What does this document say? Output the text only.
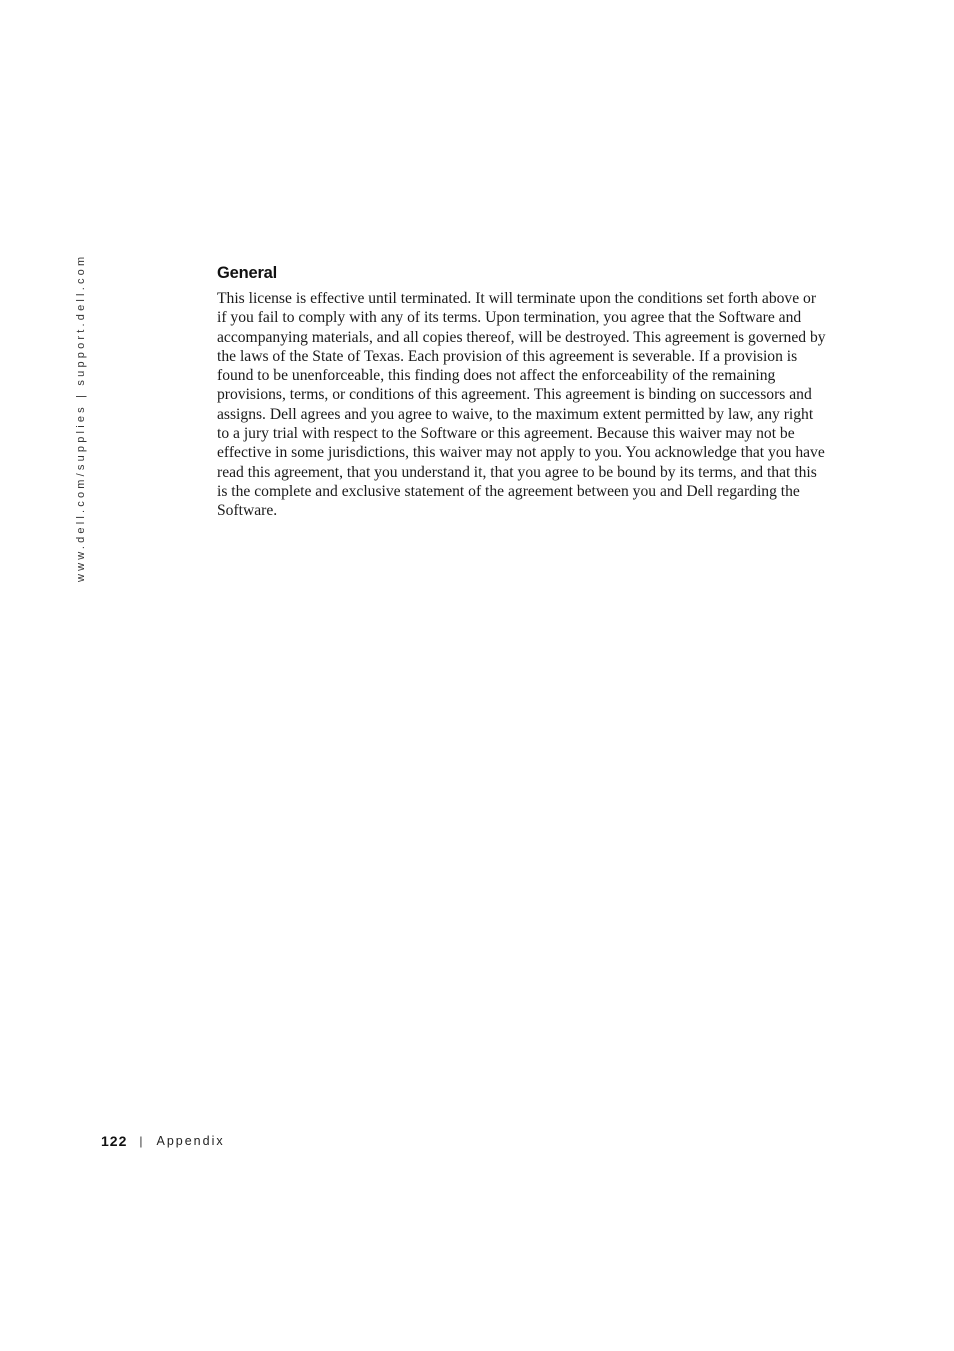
www.dell.com/supplies | support.dell.com	General

This license is effective until terminated. It will terminate upon the conditions set forth above or if you fail to comply with any of its terms. Upon termination, you agree that the Software and accompanying materials, and all copies thereof, will be destroyed. This agreement is governed by the laws of the State of Texas. Each provision of this agreement is severable. If a provision is found to be unenforceable, this finding does not affect the enforceability of the remaining provisions, terms, or conditions of this agreement. This agreement is binding on successors and assigns. Dell agrees and you agree to waive, to the maximum extent permitted by law, any right to a jury trial with respect to the Software or this agreement. Because this waiver may not be effective in some jurisdictions, this waiver may not apply to you. You acknowledge that you have read this agreement, that you understand it, that you agree to be bound by its terms, and that this is the complete and exclusive statement of the agreement between you and Dell regarding the Software.

122 | Appendix
